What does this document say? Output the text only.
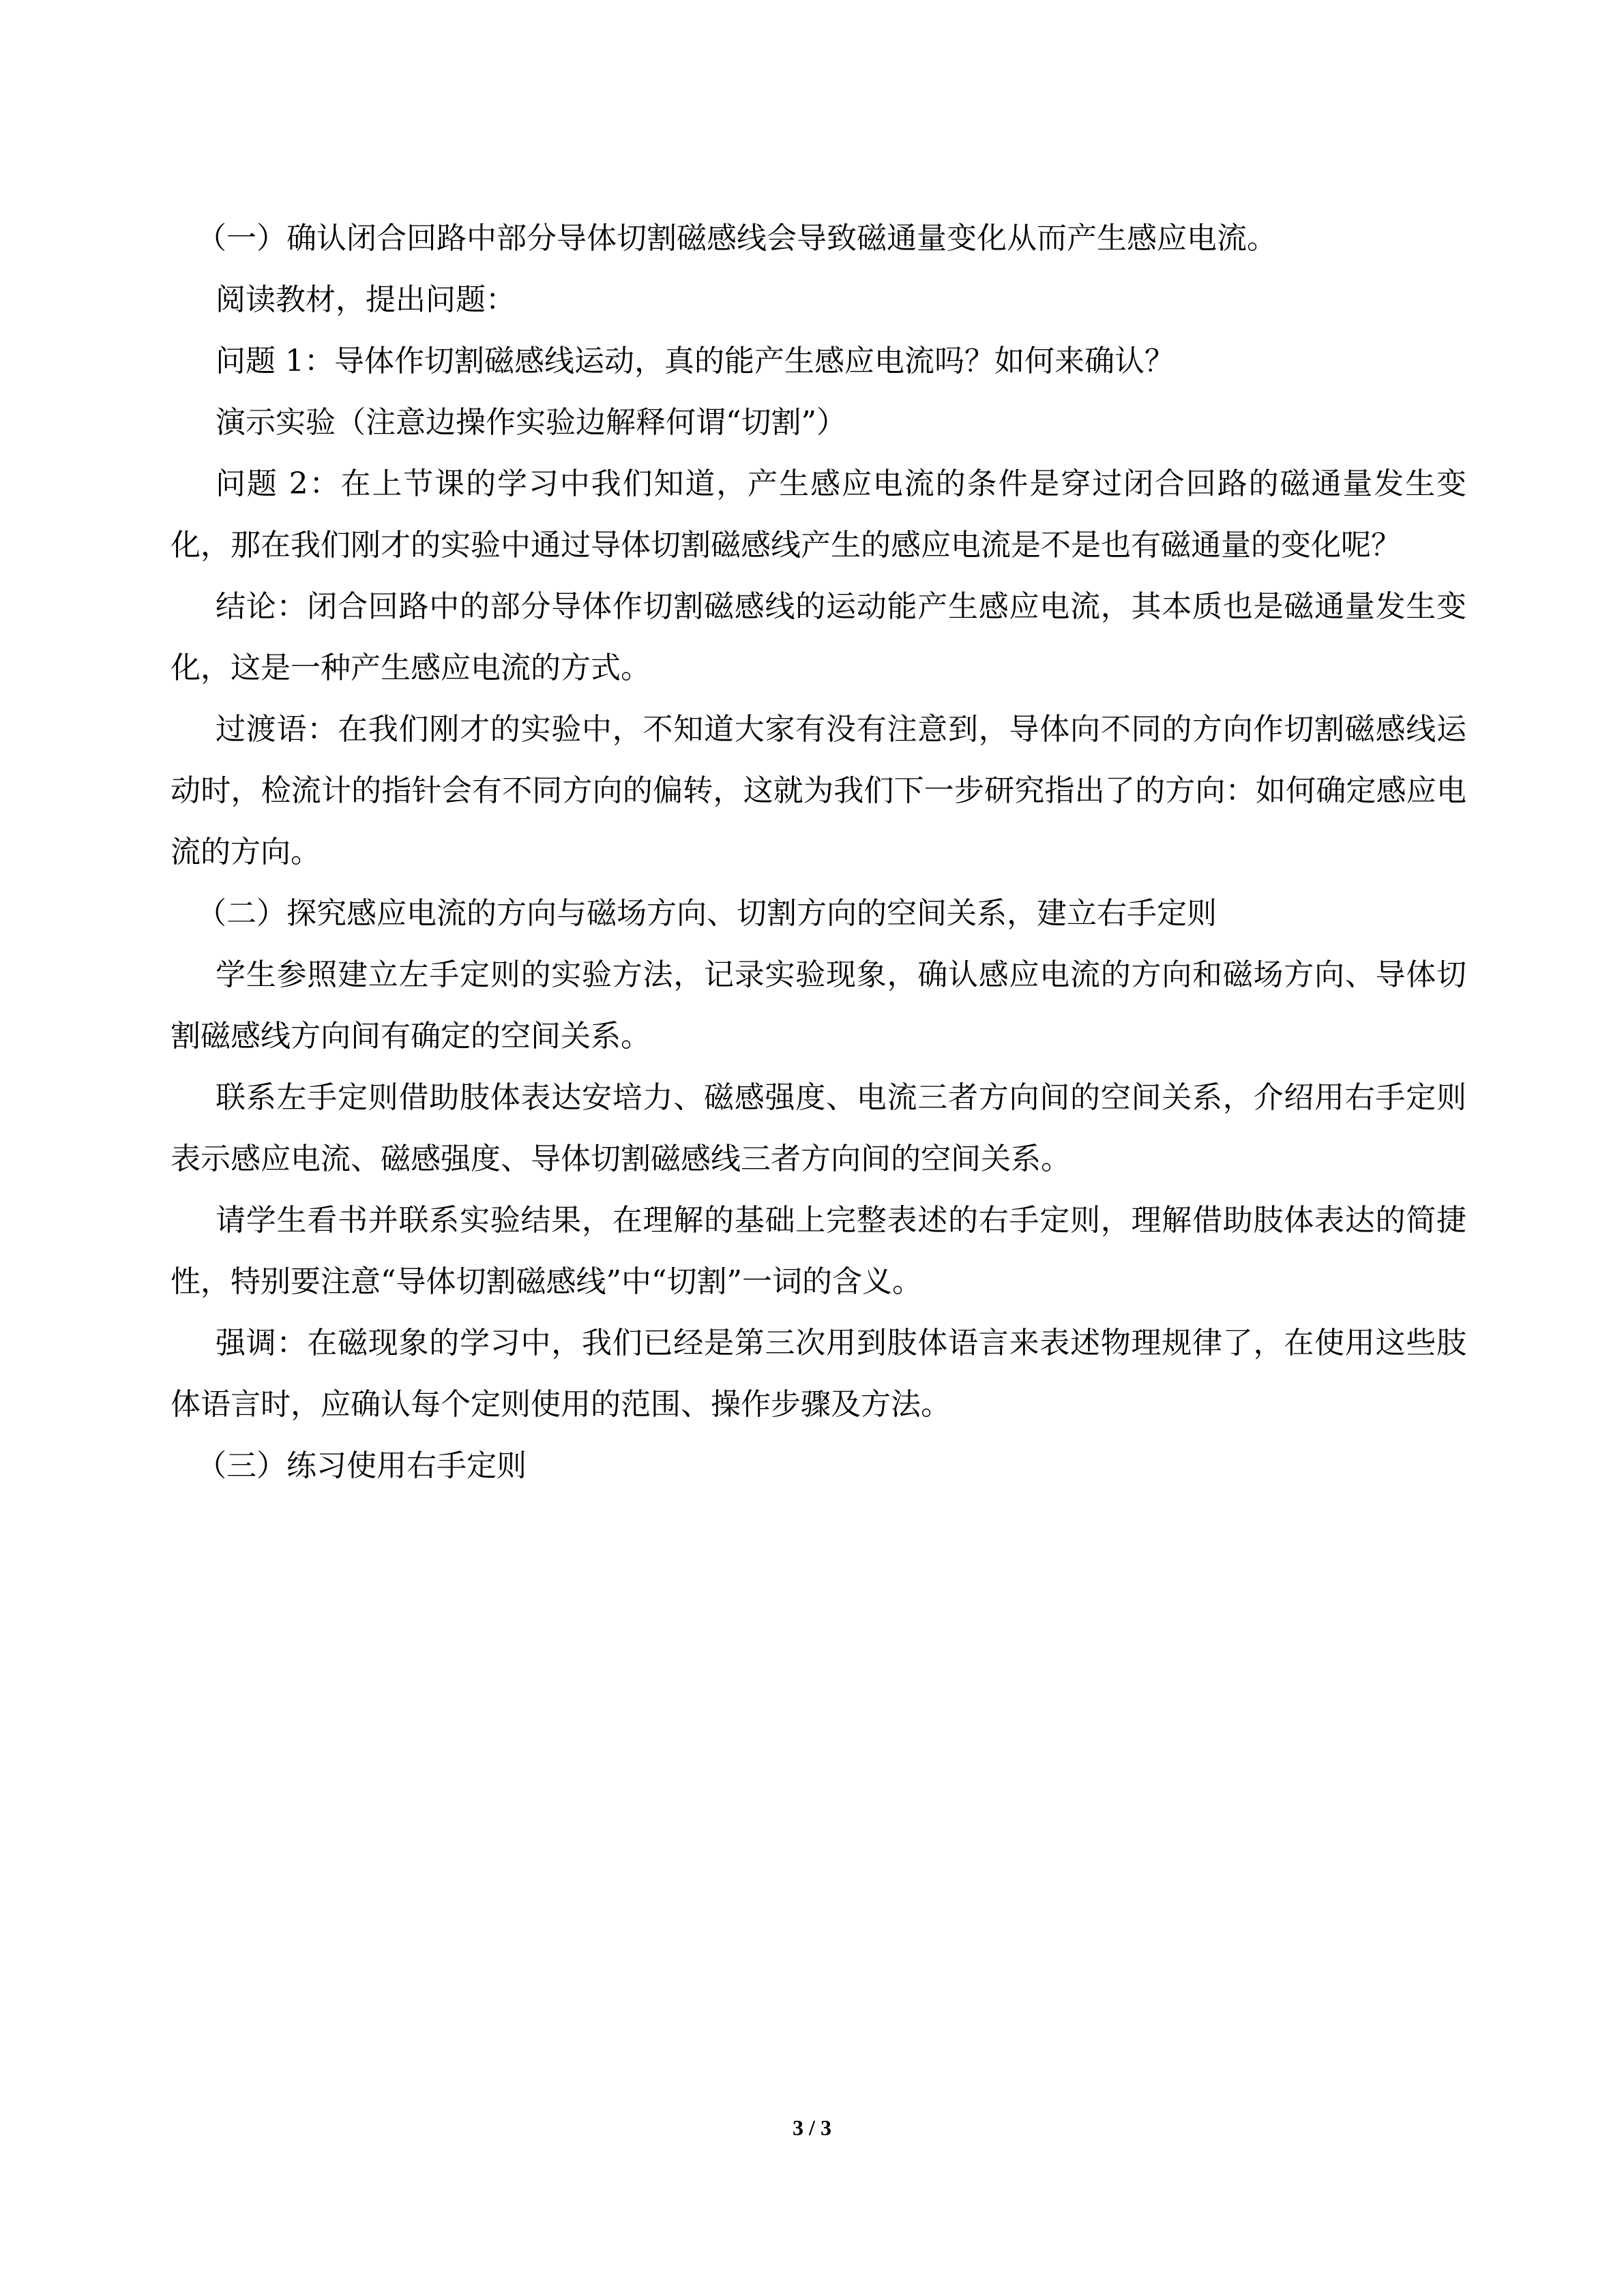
（一）确认闭合回路中部分导体切割磁感线会导致磁通量变化从而产生感应电流。

阅读教材，提出问题：

问题 1：导体作切割磁感线运动，真的能产生感应电流吗？如何来确认？

演示实验（注意边操作实验边解释何谓“切割”）

问题 2：在上节课的学习中我们知道，产生感应电流的条件是穿过闭合回路的磁通量发生变化，那在我们刚才的实验中通过导体切割磁感线产生的感应电流是不是也有磁通量的变化呢？

结论：闭合回路中的部分导体作切割磁感线的运动能产生感应电流，其本质也是磁通量发生变化，这是一种产生感应电流的方式。

过渡语：在我们刚才的实验中，不知道大家有没有注意到，导体向不同的方向作切割磁感线运动时，检流计的指针会有不同方向的偏转，这就为我们下一步研究指出了的方向：如何确定感应电流的方向。

（二）探究感应电流的方向与磁场方向、切割方向的空间关系，建立右手定则

学生参照建立左手定则的实验方法，记录实验现象，确认感应电流的方向和磁场方向、导体切割磁感线方向间有确定的空间关系。

联系左手定则借助肢体表达安培力、磁感强度、电流三者方向间的空间关系，介绍用右手定则表示感应电流、磁感强度、导体切割磁感线三者方向间的空间关系。

请学生看书并联系实验结果，在理解的基础上完整表述的右手定则，理解借助肢体表达的简捷性，特别要注意“导体切割磁感线”中“切割”一词的含义。

强调：在磁现象的学习中，我们已经是第三次用到肢体语言来表述物理规律了，在使用这些肢体语言时，应确认每个定则使用的范围、操作步骤及方法。

（三）练习使用右手定则

3 / 3
